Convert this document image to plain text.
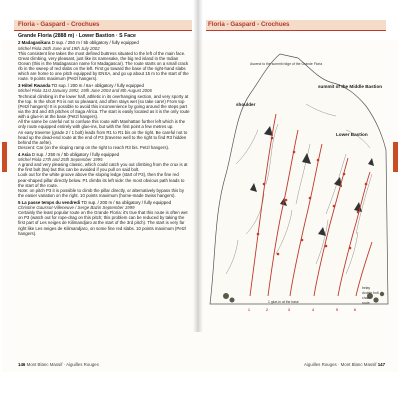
Floria - Gaspard - Crochues
Grande Floria (2888 m) · Lower Bastion · S Face

2 Madagasikara D sup. / 250 m / 5b obligatory / fully equipped
Michel Piola 26th June and 19th July 2002
This consistent line takes the most defined buttress situated to the left of the main face. Great climbing, very pleasant, just like its namesake, the big red island in the Indian Ocean (this is the Madagascan name for Madagascar). The route starts on a small crack rib in the sweep of red slabs on the left. First go toward the base of the right-hand slabs which are home to one pitch equipped by ENSA, and go up about 15 m to the start of the route. 9 points maximum (Petzl hangers).

3 Hôtel Rwanda TD sup. / 200 m / 6a+ obligatory / fully equipped
Michel Piola 31st January 1992, 19th June 2004 and 8th August 2006
Technical climbing in the lower half, athletic in its overhanging section, and very sporty at the top. In the short P4 is not so pleasant, and often stays wet (so take care!) From top (Petzl hangers)! It is possible to avoid this inconvenience by going around the steps part via the 3rd and 4th pitches of Saga Africa. The start is easily located as it is the only route with a glue-in at the base (Petzl hangers).
All the same be careful not to confuse this route with Manhattan further left which is the only route equipped entirely with glue-ins, but with the first point a few metres up.
An easy traverse (grade 2 / 1 bolt) leads from R1 to R1 bis on the right. Be careful not to head up the dead-end route at the end of P3 (traverse well to the right to find R3 hidden behind the arête).
Descent: Car (on the sloping ramp on the right to reach R3 bis. Petzl hangers).

4 Asia D sup. / 250 m / 5b obligatory / fully equipped
Michel Piola 17th and 25th September 1995
A grand and very pleasing classic, which could catch you out climbing from the crux is at the first bolt (5a) but this can be avoided if you pull on said bolt.
Look out for the white groove above the sloping ledge (start of P3), then the fine red pear-shaped pillar directly below. P1 climbs its left side: the most obvious path leads to the start of the route.
Note: on pitch P3 it is possible to climb the pillar directly, or alternatively bypass this by the easier variation on the right. 10 points maximum (home-made Swiss hangers).

5 La passe temps du vendredi TD sup. / 200 m / 6a obligatory / fully equipped
Christine Gaussot-Villeneuve / Serge Bazin September 1999
Certainly the least popular route on the Grande Floria: it's true that this route is often wet on P3 (watch out for rope-drag on this pitch; this problem can be reduced by taking the first part of Les neiges de Kilimandjaro at the start of the 3rd pitch). The start is very far right like Les neiges de Kilimandjaro, on some fine red slabs. 10 points maximum (Petzl hangers).

146 Mont Blanc Massif · Aiguilles Rouges
Floria - Gaspard - Crochues
Ascend to the summit ridge of the Grande Floria
shoulder
summit of the Middle Bastion
Lower Bastion
1 glue-in at the base
1	2	3	4	5	6
belay
double bolt
chain
route
Aiguilles Rouges · Mont Blanc Massif 147
